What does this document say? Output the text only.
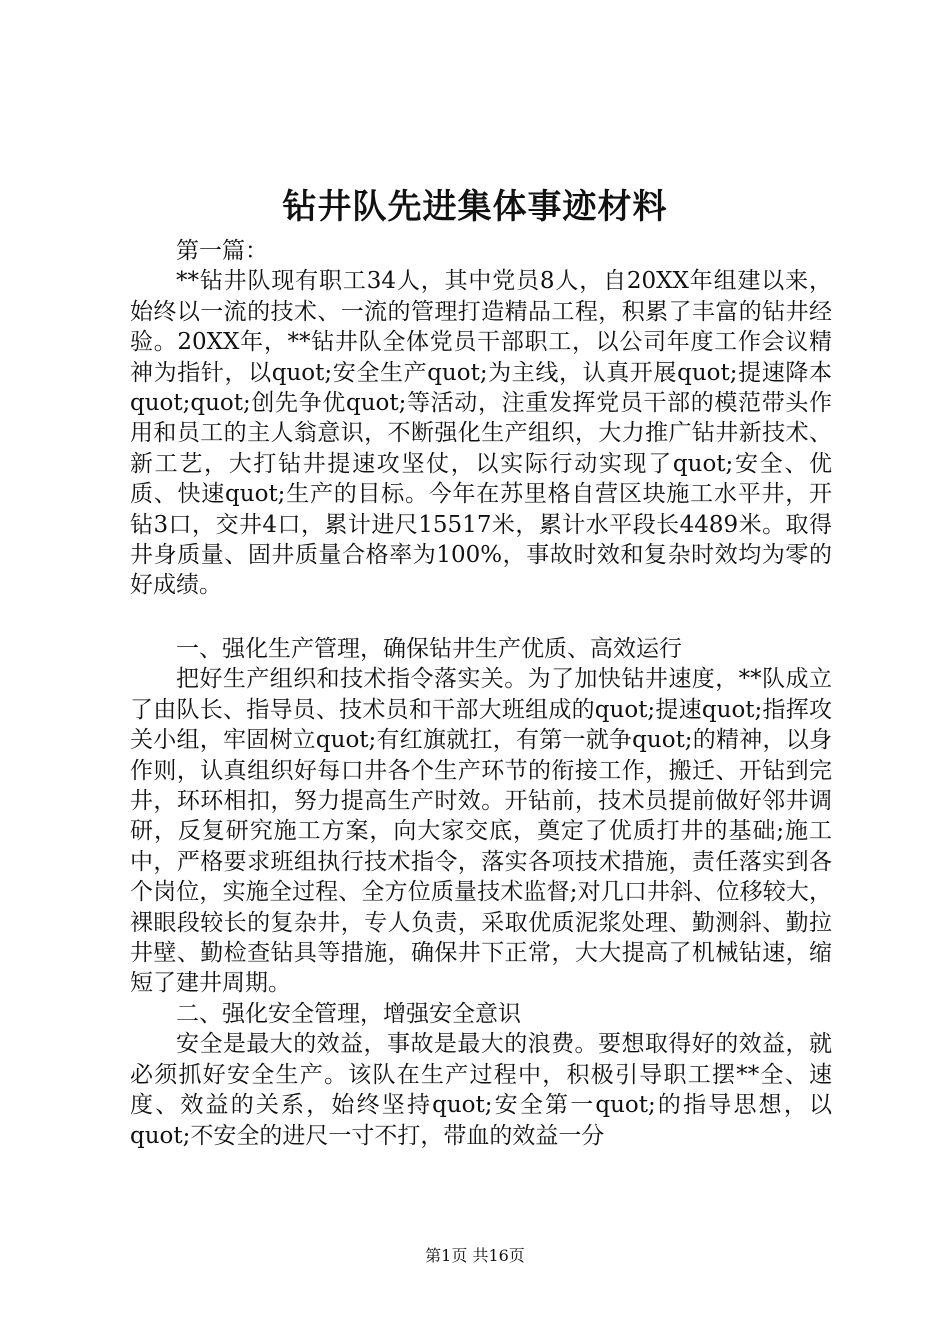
钻井队先进集体事迹材料

第一篇：

**钻井队现有职工34人，其中党员8人，自20XX年组建以来，始终以一流的技术、一流的管理打造精品工程，积累了丰富的钻井经验。20XX年，**钻井队全体党员干部职工，以公司年度工作会议精神为指针，以quot;安全生产quot;为主线，认真开展quot;提速降本quot;quot;创先争优quot;等活动，注重发挥党员干部的模范带头作用和员工的主人翁意识，不断强化生产组织，大力推广钻井新技术、新工艺，大打钻井提速攻坚仗，以实际行动实现了quot;安全、优质、快速quot;生产的目标。今年在苏里格自营区块施工水平井，开钻3口，交井4口，累计进尺15517米，累计水平段长4489米。取得井身质量、固井质量合格率为100%，事故时效和复杂时效均为零的好成绩。

一、强化生产管理，确保钻井生产优质、高效运行

把好生产组织和技术指令落实关。为了加快钻井速度，**队成立了由队长、指导员、技术员和干部大班组成的quot;提速quot;指挥攻关小组，牢固树立quot;有红旗就扛，有第一就争quot;的精神，以身作则，认真组织好每口井各个生产环节的衔接工作，搬迁、开钻到完井，环环相扣，努力提高生产时效。开钻前，技术员提前做好邻井调研，反复研究施工方案，向大家交底，奠定了优质打井的基础;施工中，严格要求班组执行技术指令，落实各项技术措施，责任落实到各个岗位，实施全过程、全方位质量技术监督;对几口井斜、位移较大，裸眼段较长的复杂井，专人负责，采取优质泥浆处理、勤测斜、勤拉井壁、勤检查钻具等措施，确保井下正常，大大提高了机械钻速，缩短了建井周期。

二、强化安全管理，增强安全意识

安全是最大的效益，事故是最大的浪费。要想取得好的效益，就必须抓好安全生产。该队在生产过程中，积极引导职工摆**全、速度、效益的关系，始终坚持quot;安全第一quot;的指导思想，以quot;不安全的进尺一寸不打，带血的效益一分

第1页 共16页
